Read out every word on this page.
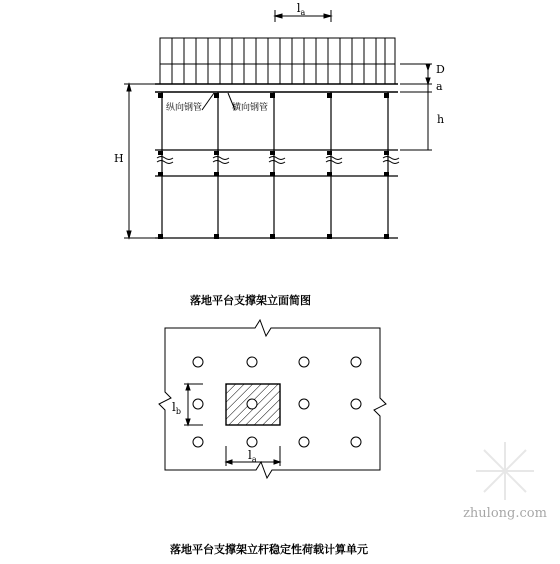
$l_a$
D
a
h
H
纵向钢管	横向钢管
$l_b$
$l_a$
zhulong.com
落地平台支撑架立面简图
落地平台支撑架立杆稳定性荷载计算单元
